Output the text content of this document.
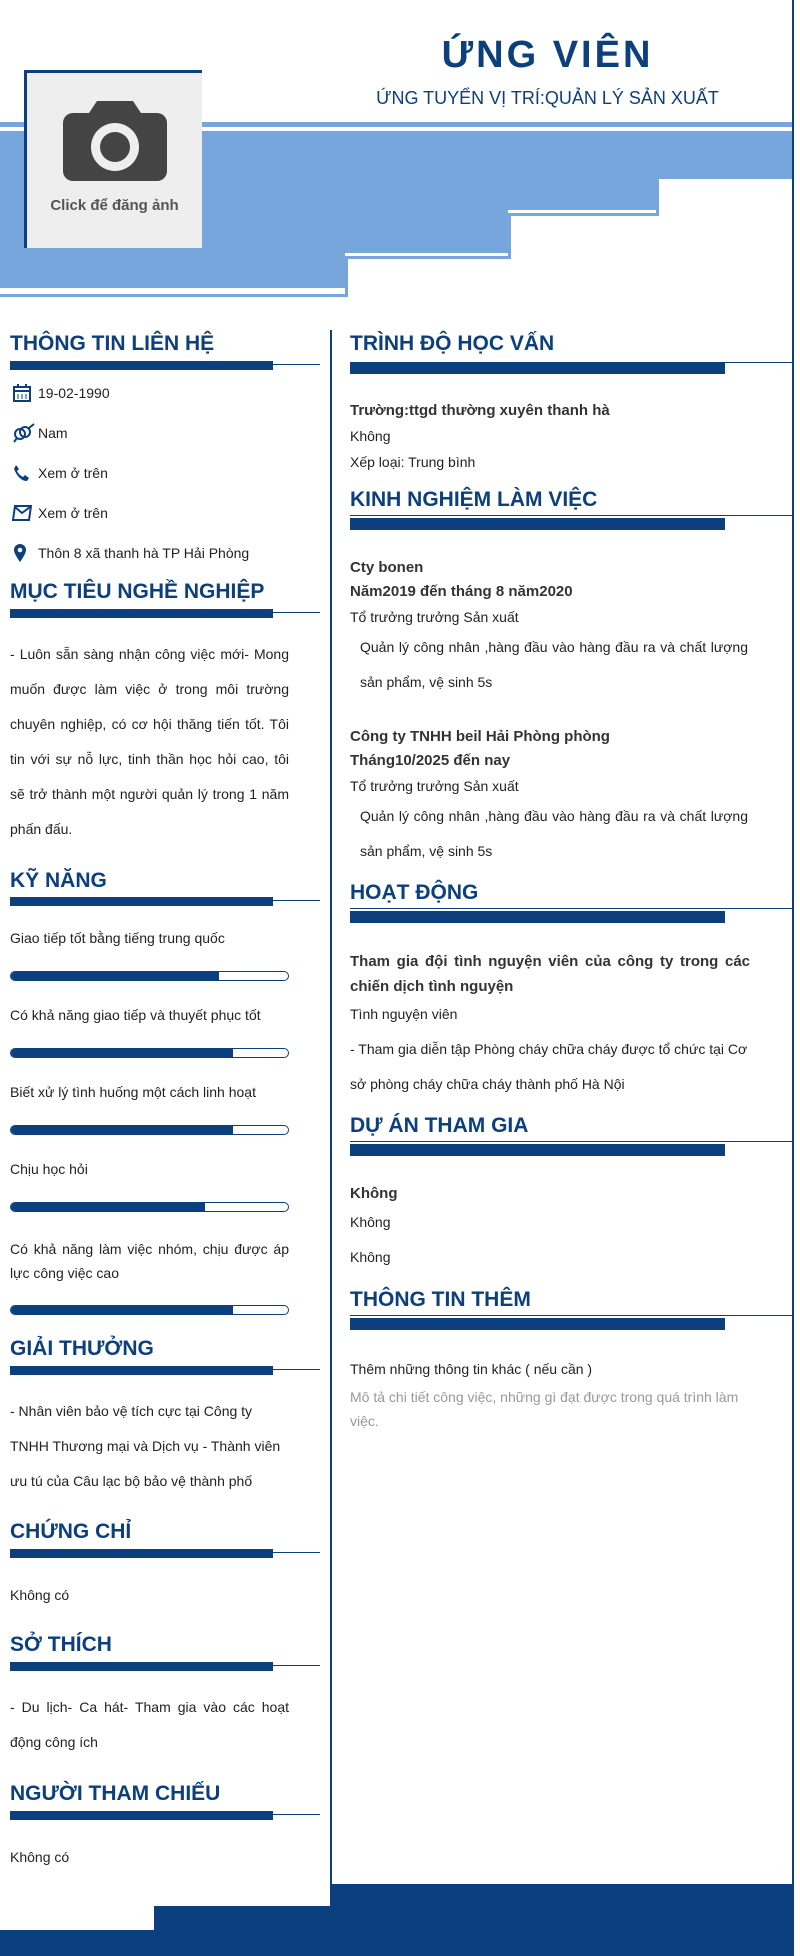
Click để đăng ảnh
ỨNG VIÊN
ỨNG TUYỂN VỊ TRÍ:QUẢN LÝ SẢN XUẤT
THÔNG TIN LIÊN HỆ
19-02-1990
Nam
Xem ở trên
Xem ở trên
Thôn 8 xã thanh hà TP Hải Phòng
MỤC TIÊU NGHỀ NGHIỆP
- Luôn sẵn sàng nhận công việc mới- Mong muốn được làm việc ở trong môi trường chuyên nghiệp, có cơ hội thăng tiến tốt. Tôi tin với sự nỗ lực, tinh thần học hỏi cao, tôi sẽ trở thành một người quản lý trong 1 năm phấn đấu.
KỸ NĂNG
Giao tiếp tốt bằng tiếng trung quốc
Có khả năng giao tiếp và thuyết phục tốt
Biết xử lý tình huống một cách linh hoạt
Chịu học hỏi
Có khả năng làm việc nhóm, chịu được áp lực công việc cao
GIẢI THƯỞNG
- Nhân viên bảo vệ tích cực tại Công ty TNHH Thương mại và Dịch vụ - Thành viên ưu tú của Câu lạc bộ bảo vệ thành phố
CHỨNG CHỈ
Không có
SỞ THÍCH
- Du lịch- Ca hát- Tham gia vào các hoạt động công ích
NGƯỜI THAM CHIẾU
Không có
TRÌNH ĐỘ HỌC VẤN
Trường:ttgd thường xuyên thanh hà
Không
Xếp loại: Trung bình
KINH NGHIỆM LÀM VIỆC
Cty bonen
Năm2019 đến tháng 8 năm2020
Tổ trưởng trưởng Sản xuất
Quản lý công nhân ,hàng đầu vào hàng đầu ra và chất lượng sản phẩm, vệ sinh 5s
Công ty TNHH beil Hải Phòng phòng
Tháng10/2025 đến nay
Tổ trưởng trưởng Sản xuất
Quản lý công nhân ,hàng đầu vào hàng đầu ra và chất lượng sản phẩm, vệ sinh 5s
HOẠT ĐỘNG
Tham gia đội tình nguyện viên của công ty trong các chiến dịch tình nguyện
Tình nguyện viên
- Tham gia diễn tập Phòng cháy chữa cháy được tổ chức tại Cơ sở phòng cháy chữa cháy thành phố Hà Nội
DỰ ÁN THAM GIA
Không
Không
Không
THÔNG TIN THÊM
Thêm những thông tin khác ( nếu cần )
Mô tả chi tiết công việc, những gì đạt được trong quá trình làm việc.
